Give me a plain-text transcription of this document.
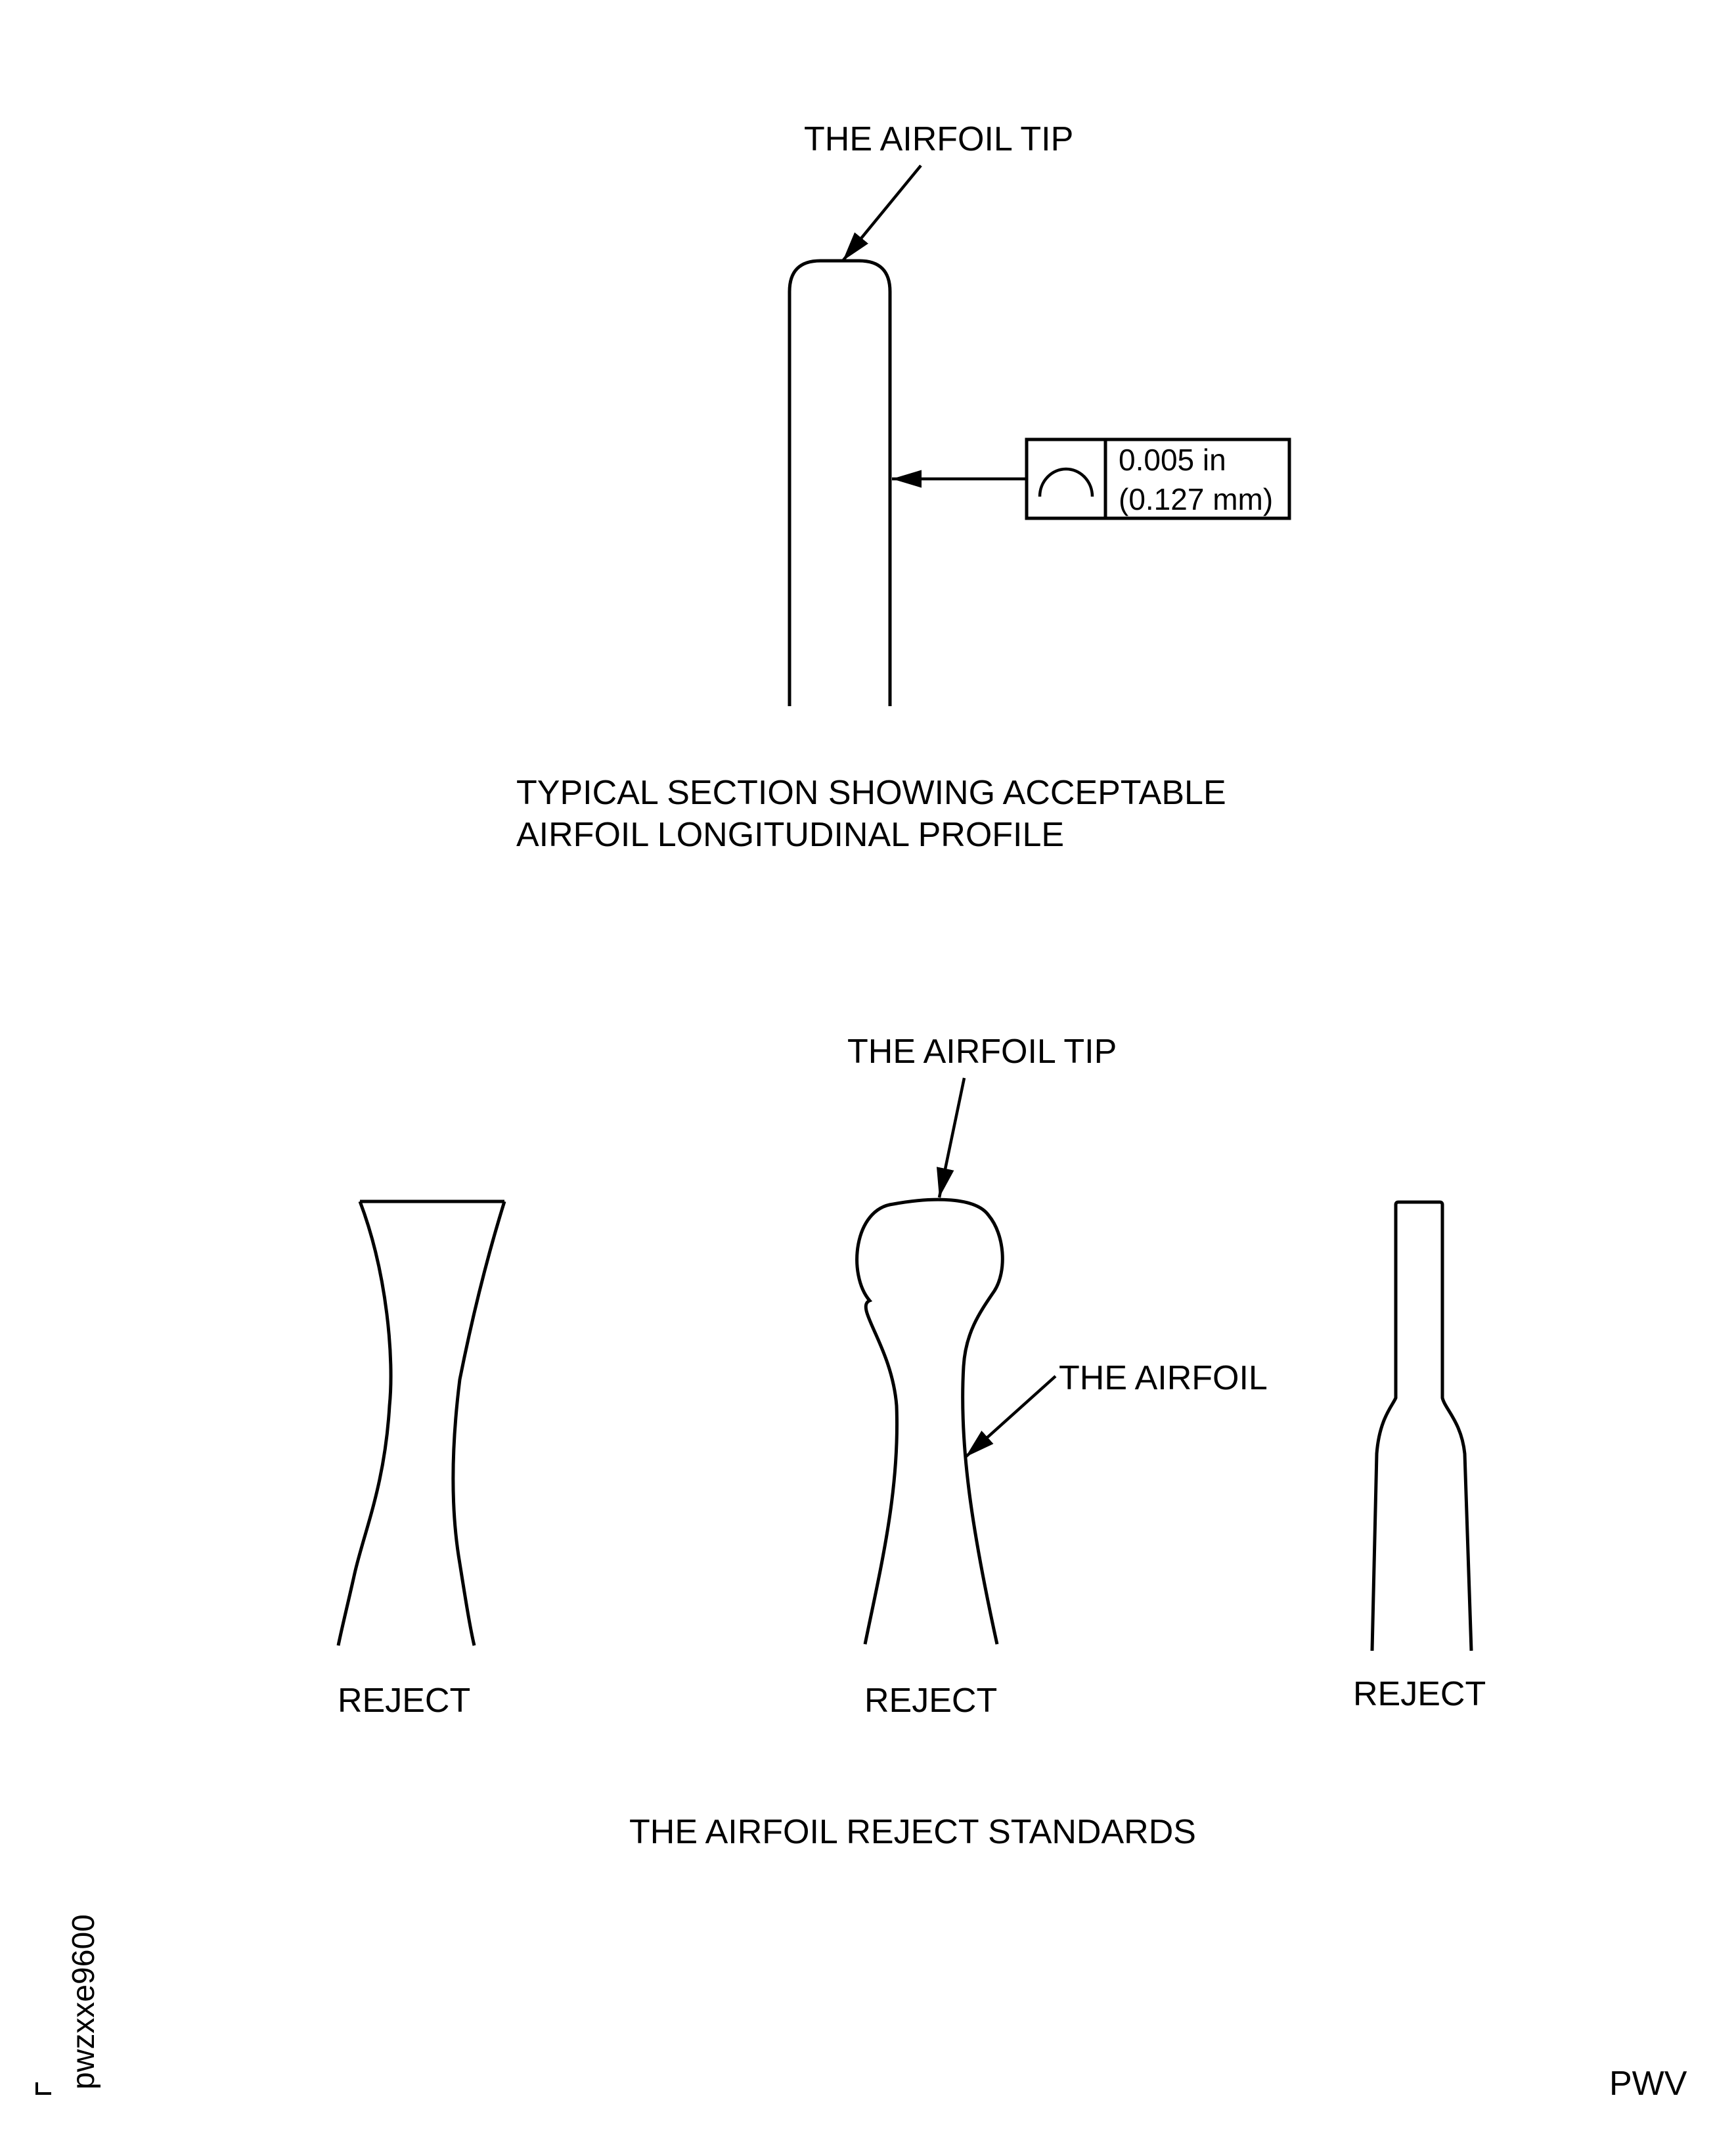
THE AIRFOIL TIP
0.005 in
(0.127 mm)
TYPICAL SECTION SHOWING ACCEPTABLE
AIRFOIL LONGITUDINAL PROFILE
THE AIRFOIL TIP
THE AIRFOIL
REJECT	REJECT	REJECT
THE AIRFOIL REJECT STANDARDS
pwzxxe9600	PWV
